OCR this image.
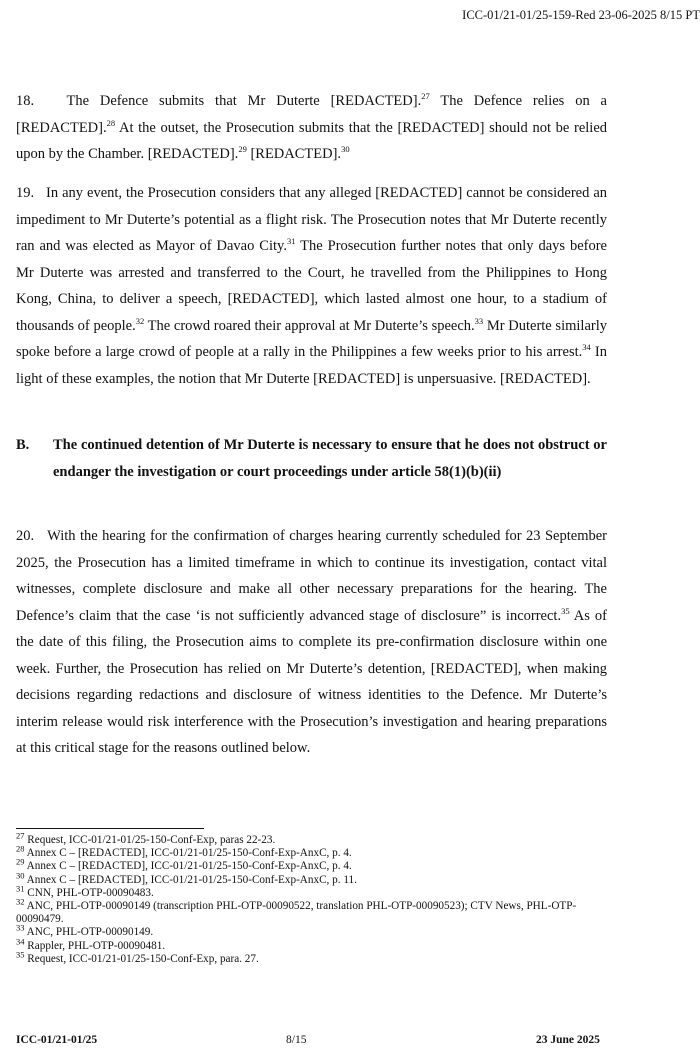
ICC-01/21-01/25-159-Red 23-06-2025 8/15 PT

18. The Defence submits that Mr Duterte [REDACTED].$^{27}$ The Defence relies on a [REDACTED].$^{28}$ At the outset, the Prosecution submits that the [REDACTED] should not be relied upon by the Chamber. [REDACTED].$^{29}$ [REDACTED].$^{30}$

19. In any event, the Prosecution considers that any alleged [REDACTED] cannot be considered an impediment to Mr Duterte’s potential as a flight risk. The Prosecution notes that Mr Duterte recently ran and was elected as Mayor of Davao City.$^{31}$ The Prosecution further notes that only days before Mr Duterte was arrested and transferred to the Court, he travelled from the Philippines to Hong Kong, China, to deliver a speech, [REDACTED], which lasted almost one hour, to a stadium of thousands of people.$^{32}$ The crowd roared their approval at Mr Duterte’s speech.$^{33}$ Mr Duterte similarly spoke before a large crowd of people at a rally in the Philippines a few weeks prior to his arrest.$^{34}$ In light of these examples, the notion that Mr Duterte [REDACTED] is unpersuasive. [REDACTED].

B. The continued detention of Mr Duterte is necessary to ensure that he does not obstruct or endanger the investigation or court proceedings under article 58(1)(b)(ii)

20. With the hearing for the confirmation of charges hearing currently scheduled for 23 September 2025, the Prosecution has a limited timeframe in which to continue its investigation, contact vital witnesses, complete disclosure and make all other necessary preparations for the hearing. The Defence’s claim that the case ‘is not sufficiently advanced stage of disclosure” is incorrect.$^{35}$ As of the date of this filing, the Prosecution aims to complete its pre-confirmation disclosure within one week. Further, the Prosecution has relied on Mr Duterte’s detention, [REDACTED], when making decisions regarding redactions and disclosure of witness identities to the Defence. Mr Duterte’s interim release would risk interference with the Prosecution’s investigation and hearing preparations at this critical stage for the reasons outlined below.

$^{27}$ Request, ICC-01/21-01/25-150-Conf-Exp, paras 22-23.

$^{28}$ Annex C – [REDACTED], ICC-01/21-01/25-150-Conf-Exp-AnxC, p. 4.

$^{29}$ Annex C – [REDACTED], ICC-01/21-01/25-150-Conf-Exp-AnxC, p. 4.

$^{30}$ Annex C – [REDACTED], ICC-01/21-01/25-150-Conf-Exp-AnxC, p. 11.

$^{31}$ CNN, PHL-OTP-00090483.

$^{32}$ ANC, PHL-OTP-00090149 (transcription PHL-OTP-00090522, translation PHL-OTP-00090523); CTV News, PHL-OTP-00090479.

$^{33}$ ANC, PHL-OTP-00090149.

$^{34}$ Rappler, PHL-OTP-00090481.

$^{35}$ Request, ICC-01/21-01/25-150-Conf-Exp, para. 27.

ICC-01/21-01/25	8/15	23 June 2025
